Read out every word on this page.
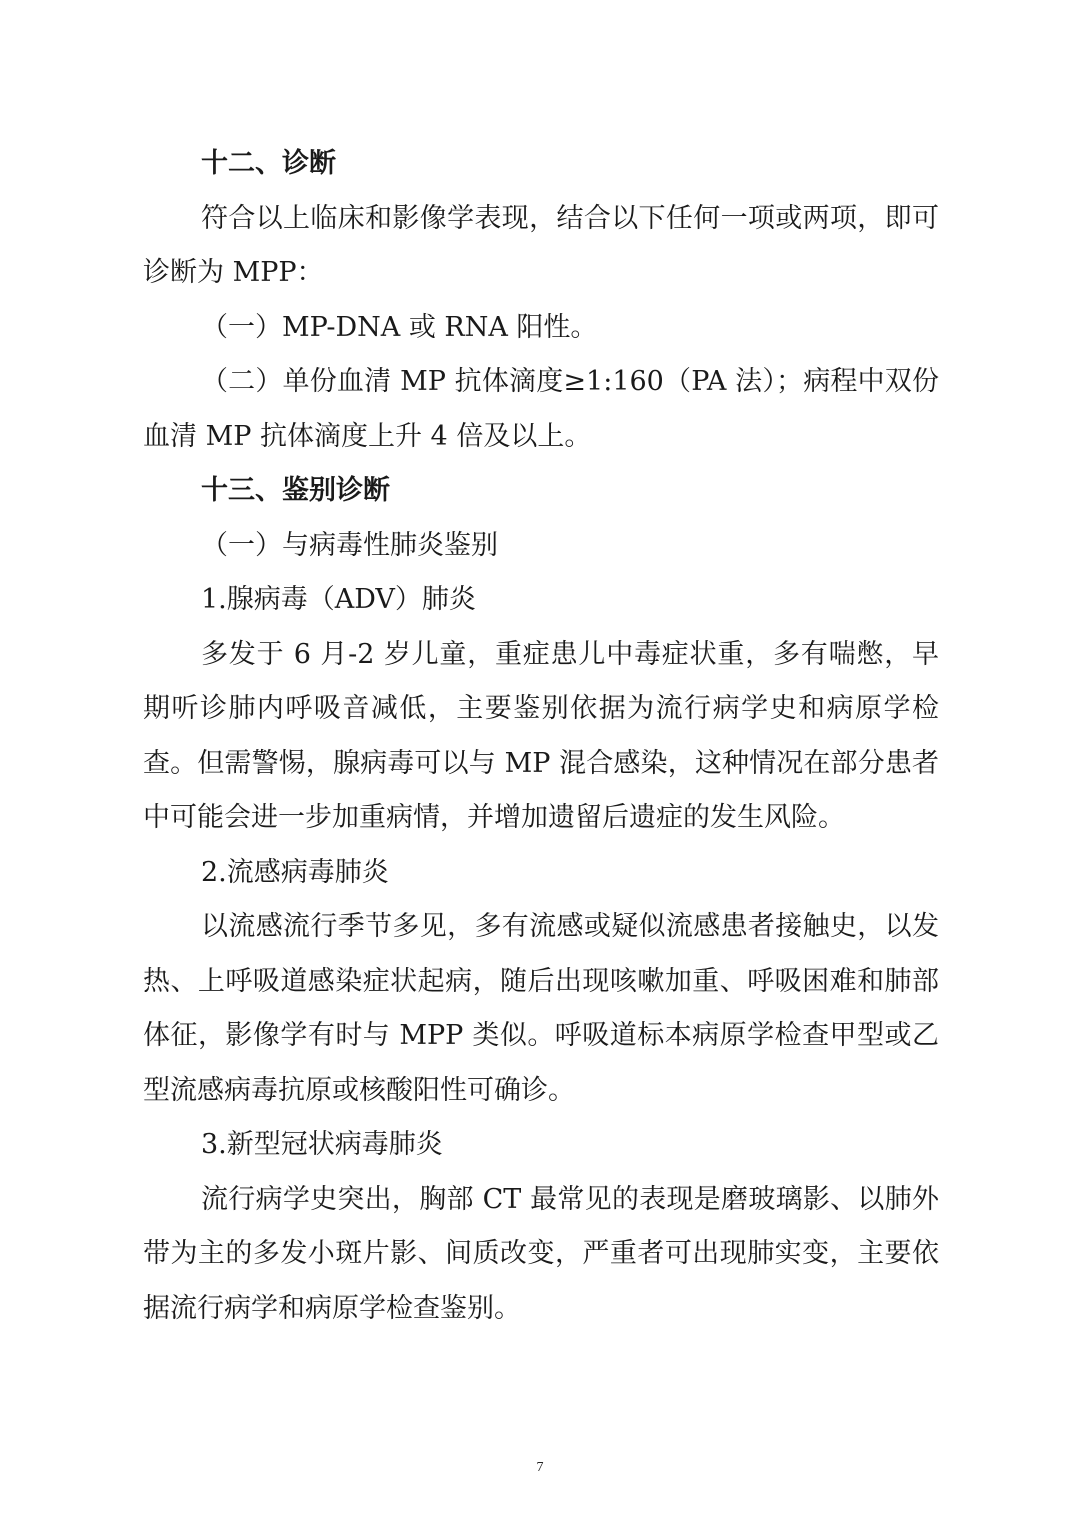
十二、诊断
符合以上临床和影像学表现，结合以下任何一项或两项，即可诊断为 MPP：
（一）MP-DNA 或 RNA 阳性。
（二）单份血清 MP 抗体滴度≥1:160（PA 法）；病程中双份血清 MP 抗体滴度上升 4 倍及以上。
十三、鉴别诊断
（一）与病毒性肺炎鉴别
1.腺病毒（ADV）肺炎
多发于 6 月-2 岁儿童，重症患儿中毒症状重，多有喘憋，早期听诊肺内呼吸音减低，主要鉴别依据为流行病学史和病原学检查。但需警惕，腺病毒可以与 MP 混合感染，这种情况在部分患者中可能会进一步加重病情，并增加遗留后遗症的发生风险。
2.流感病毒肺炎
以流感流行季节多见，多有流感或疑似流感患者接触史，以发热、上呼吸道感染症状起病，随后出现咳嗽加重、呼吸困难和肺部体征，影像学有时与 MPP 类似。呼吸道标本病原学检查甲型或乙型流感病毒抗原或核酸阳性可确诊。
3.新型冠状病毒肺炎
流行病学史突出，胸部 CT 最常见的表现是磨玻璃影、以肺外带为主的多发小斑片影、间质改变，严重者可出现肺实变，主要依据流行病学和病原学检查鉴别。
7
